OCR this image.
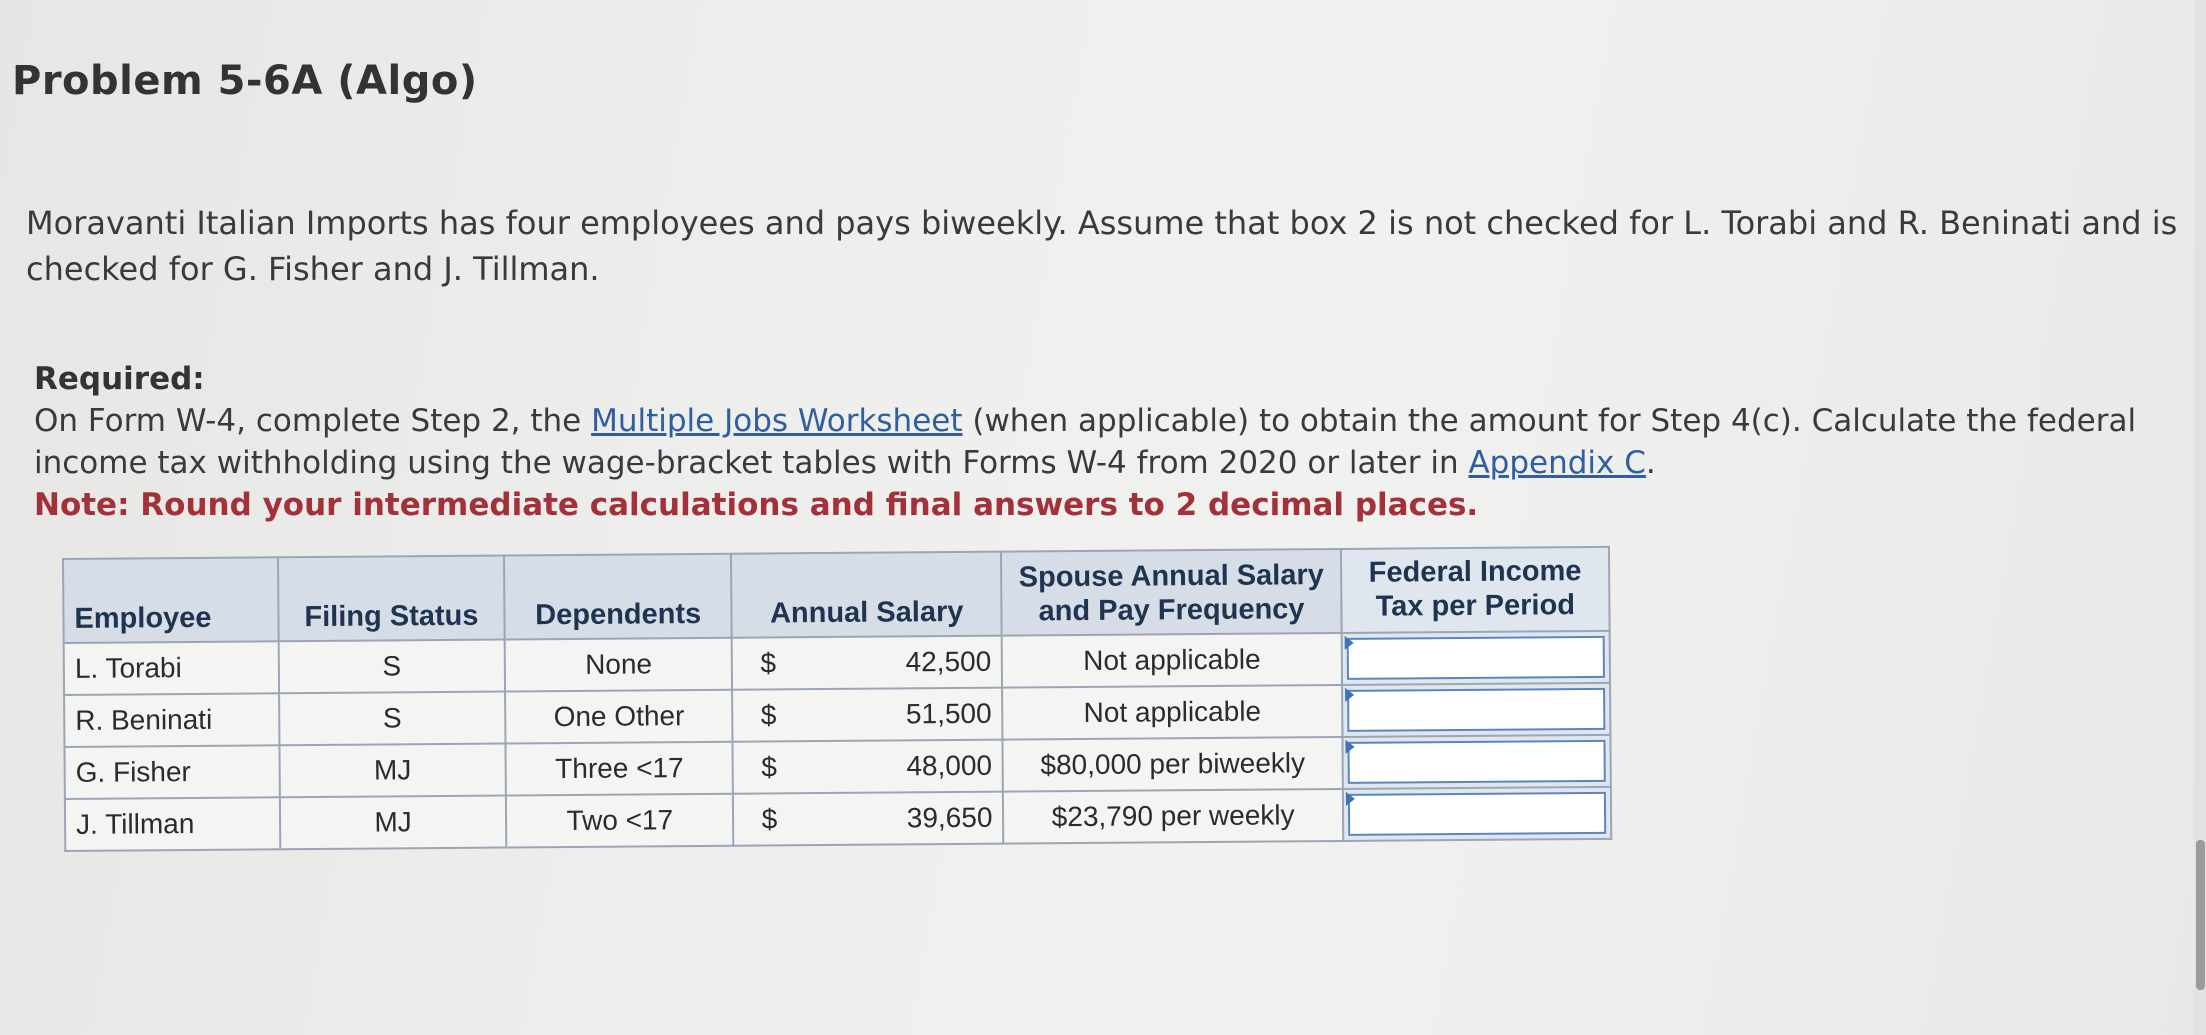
Problem 5-6A (Algo)
Moravanti Italian Imports has four employees and pays biweekly. Assume that box 2 is not checked for L. Torabi and R. Beninati and is checked for G. Fisher and J. Tillman.
Required:
On Form W-4, complete Step 2, the Multiple Jobs Worksheet (when applicable) to obtain the amount for Step 4(c). Calculate the federal income tax withholding using the wage-bracket tables with Forms W-4 from 2020 or later in Appendix C.
Note: Round your intermediate calculations and final answers to 2 decimal places.
Employee	Filing Status	Dependents	Annual Salary		Spouse Annual Salary and Pay Frequency	Federal Income Tax per Period
L. Torabi	S	None	$	42,500	Not applicable	

R. Beninati	S	One Other	$	51,500	Not applicable	

G. Fisher	MJ	Three <17	$	48,000	$80,000 per biweekly	

J. Tillman	MJ	Two <17	$	39,650	$23,790 per weekly	
